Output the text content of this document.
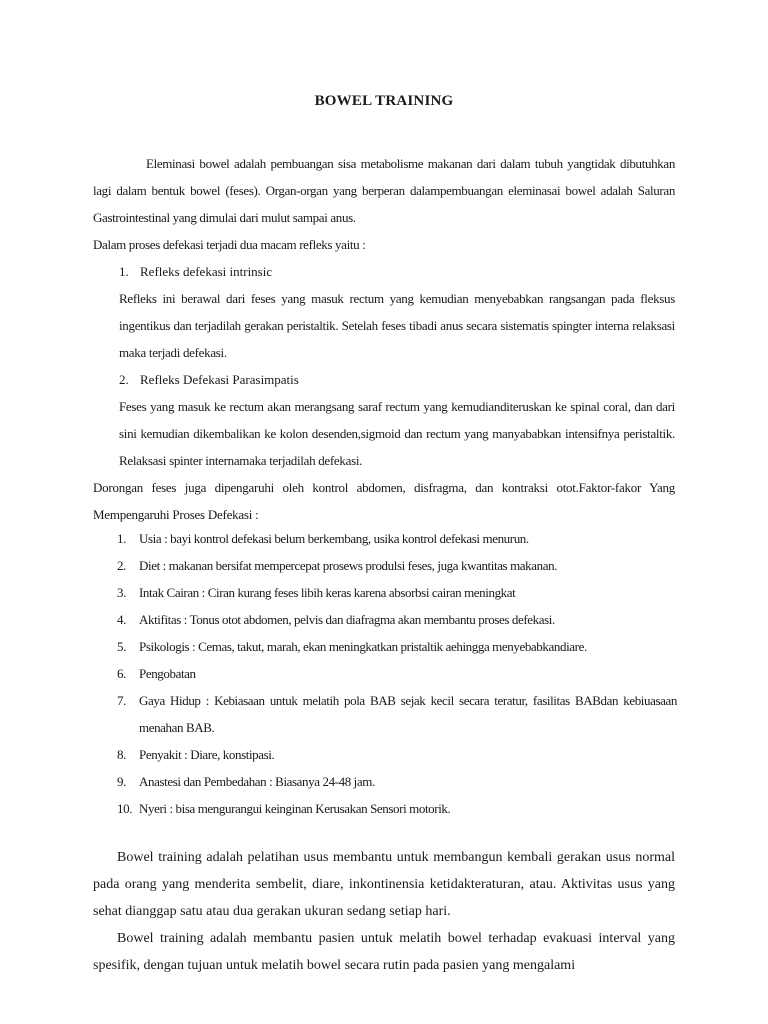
BOWEL TRAINING

Eleminasi bowel adalah pembuangan sisa metabolisme makanan dari dalam tubuh yangtidak dibutuhkan lagi dalam bentuk bowel (feses). Organ-organ yang berperan dalampembuangan eleminasai bowel adalah Saluran Gastrointestinal yang dimulai dari mulut sampai anus.

Dalam proses defekasi terjadi dua macam refleks yaitu :
1. Refleks defekasi intrinsic

Refleks ini berawal dari feses yang masuk rectum yang kemudian menyebabkan rangsangan pada fleksus ingentikus dan terjadilah gerakan peristaltik. Setelah feses tibadi anus secara sistematis spingter interna relaksasi maka terjadi defekasi.

2. Refleks Defekasi Parasimpatis

Feses yang masuk ke rectum akan merangsang saraf rectum yang kemudianditeruskan ke spinal coral, dan dari sini kemudian dikembalikan ke kolon desenden,sigmoid dan rectum yang manyababkan intensifnya peristaltik. Relaksasi spinter internamaka terjadilah defekasi.

Dorongan feses juga dipengaruhi oleh kontrol abdomen, disfragma, dan kontraksi otot.Faktor-fakor Yang Mempengaruhi Proses Defekasi :

1.	Usia : bayi kontrol defekasi belum berkembang, usika kontrol defekasi menurun.
2.	Diet : makanan bersifat mempercepat prosews produlsi feses, juga kwantitas makanan.
3.	Intak Cairan : Ciran kurang feses libih keras karena absorbsi cairan meningkat
4.	Aktifitas : Tonus otot abdomen, pelvis dan diafragma akan membantu proses defekasi.
5.	Psikologis : Cemas, takut, marah, ekan meningkatkan pristaltik aehingga menyebabkandiare.
6.	Pengobatan
7.	Gaya Hidup : Kebiasaan untuk melatih pola BAB sejak kecil secara teratur, fasilitas BABdan kebiuasaan menahan BAB.
8.	Penyakit : Diare, konstipasi.
9.	Anastesi dan Pembedahan : Biasanya 24-48 jam.
10. Nyeri : bisa mengurangui keinginan Kerusakan Sensori motorik.

Bowel training adalah pelatihan usus membantu untuk membangun kembali gerakan usus normal pada orang yang menderita sembelit, diare, inkontinensia ketidakteraturan, atau. Aktivitas usus yang sehat dianggap satu atau dua gerakan ukuran sedang setiap hari.

Bowel training adalah membantu pasien untuk melatih bowel terhadap evakuasi interval yang spesifik, dengan tujuan untuk melatih bowel secara rutin pada pasien yang mengalami
